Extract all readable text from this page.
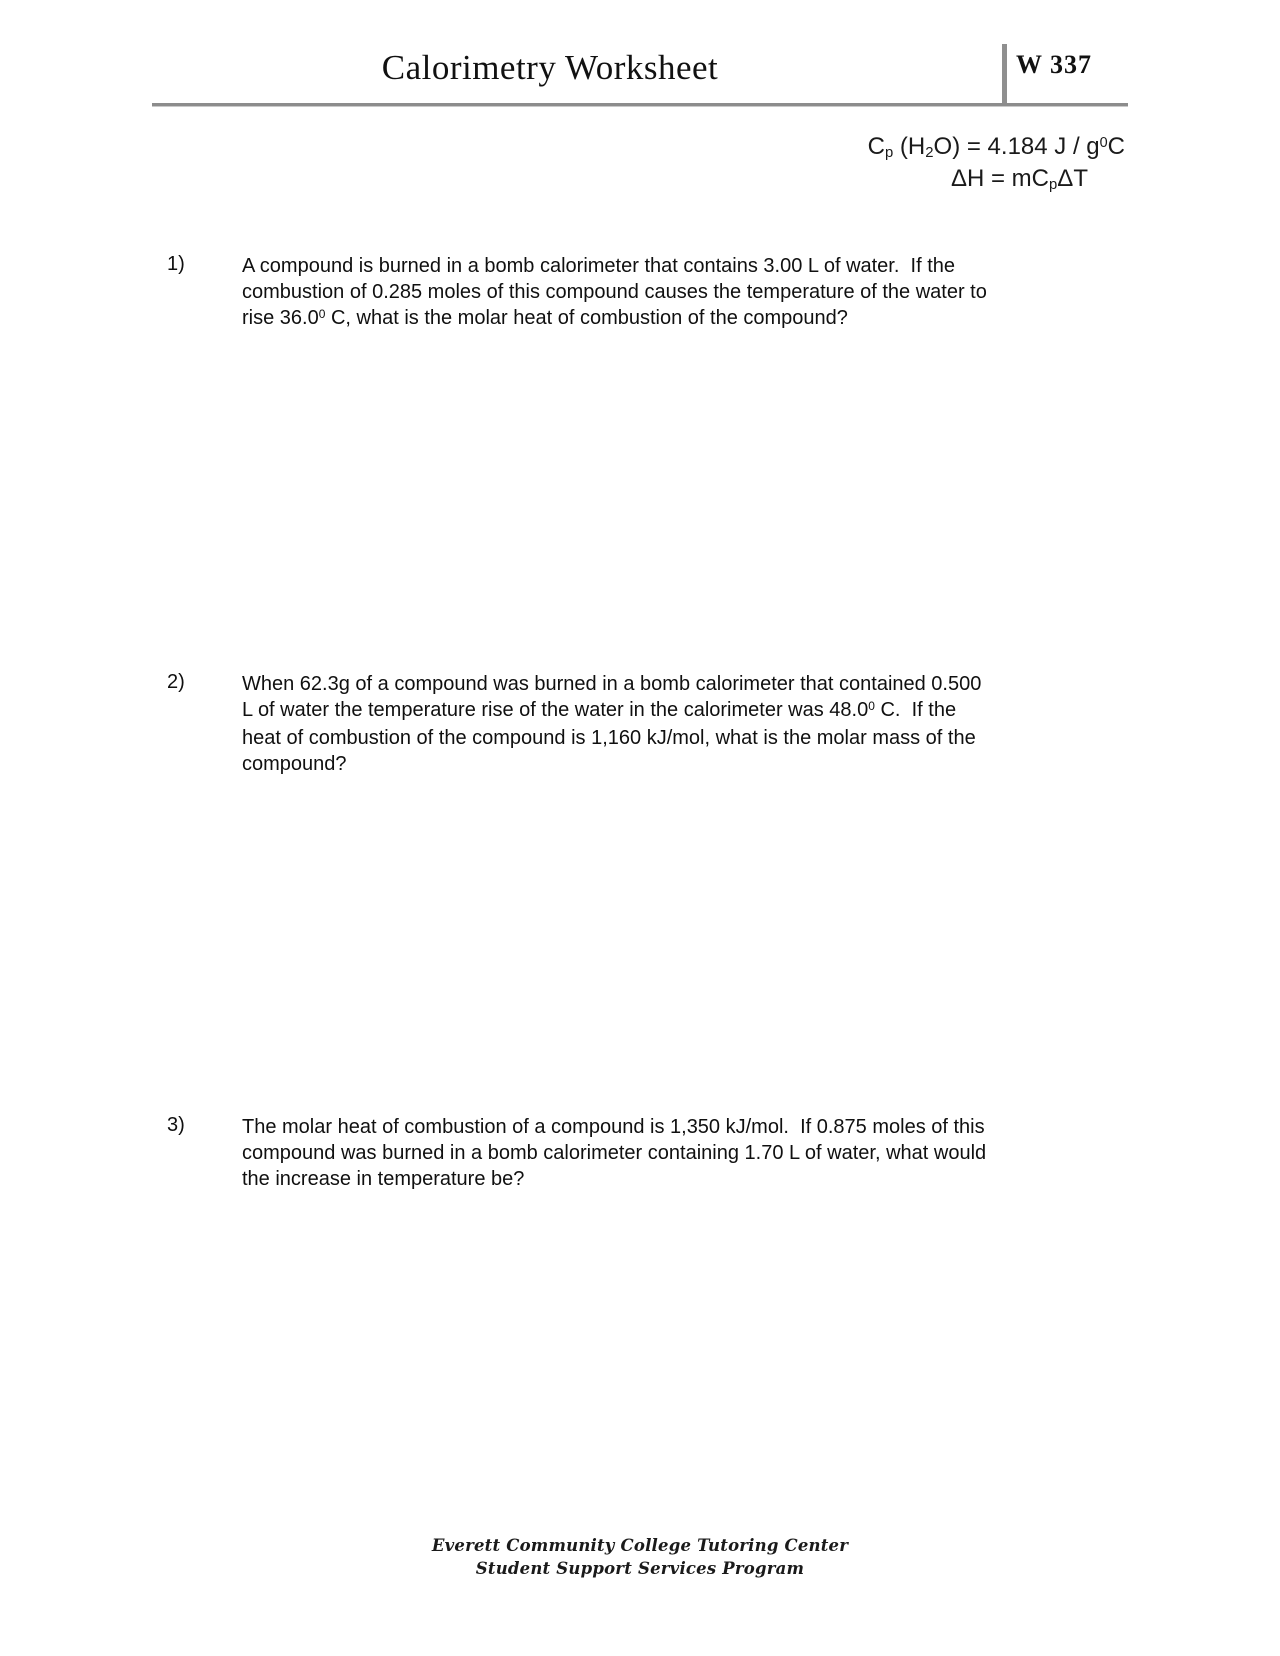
Calorimetry Worksheet	W 337
Cp (H2O) = 4.184 J / $g^0C$
ΔH = mCpΔT
1)	A compound is burned in a bomb calorimeter that contains 3.00 L of water.  If the
combustion of 0.285 moles of this compound causes the temperature of the water to
rise 36.0$^0$ C, what is the molar heat of combustion of the compound?
2)	When 62.3g of a compound was burned in a bomb calorimeter that contained 0.500
L of water the temperature rise of the water in the calorimeter was 48.0$^0$ C.  If the
heat of combustion of the compound is 1,160 kJ/mol, what is the molar mass of the
compound?
3)	The molar heat of combustion of a compound is 1,350 kJ/mol.  If 0.875 moles of this
compound was burned in a bomb calorimeter containing 1.70 L of water, what would
the increase in temperature be?
Everett Community College Tutoring Center
Student Support Services Program
